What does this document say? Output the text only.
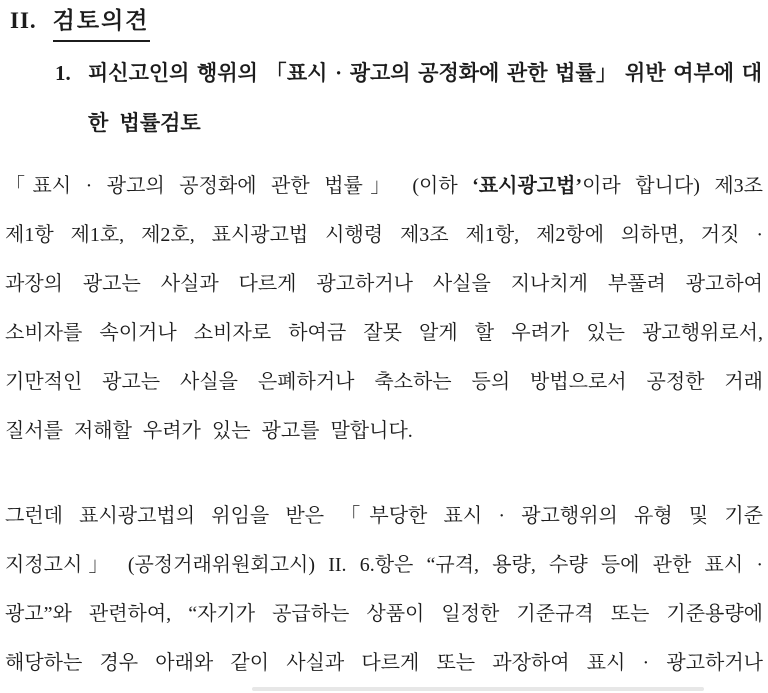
II. 검토의견
1. 피신고인의 행위의 「표시 · 광고의 공정화에 관한 법률」 위반 여부에 대
한 법률검토
「표시 · 광고의 공정화에 관한 법률」 (이하 ‘표시광고법’이라 합니다) 제3조
제1항 제1호, 제2호, 표시광고법 시행령 제3조 제1항, 제2항에 의하면, 거짓 ·
과장의 광고는 사실과 다르게 광고하거나 사실을 지나치게 부풀려 광고하여
소비자를 속이거나 소비자로 하여금 잘못 알게 할 우려가 있는 광고행위로서,
기만적인 광고는 사실을 은폐하거나 축소하는 등의 방법으로서 공정한 거래
질서를 저해할 우려가 있는 광고를 말합니다.
그런데 표시광고법의 위임을 받은 「부당한 표시 · 광고행위의 유형 및 기준
지정고시」 (공정거래위원회고시) II. 6.항은 “규격, 용량, 수량 등에 관한 표시 ·
광고”와 관련하여, “자기가 공급하는 상품이 일정한 기준규격 또는 기준용량에
해당하는 경우 아래와 같이 사실과 다르게 또는 과장하여 표시 · 광고하거나
